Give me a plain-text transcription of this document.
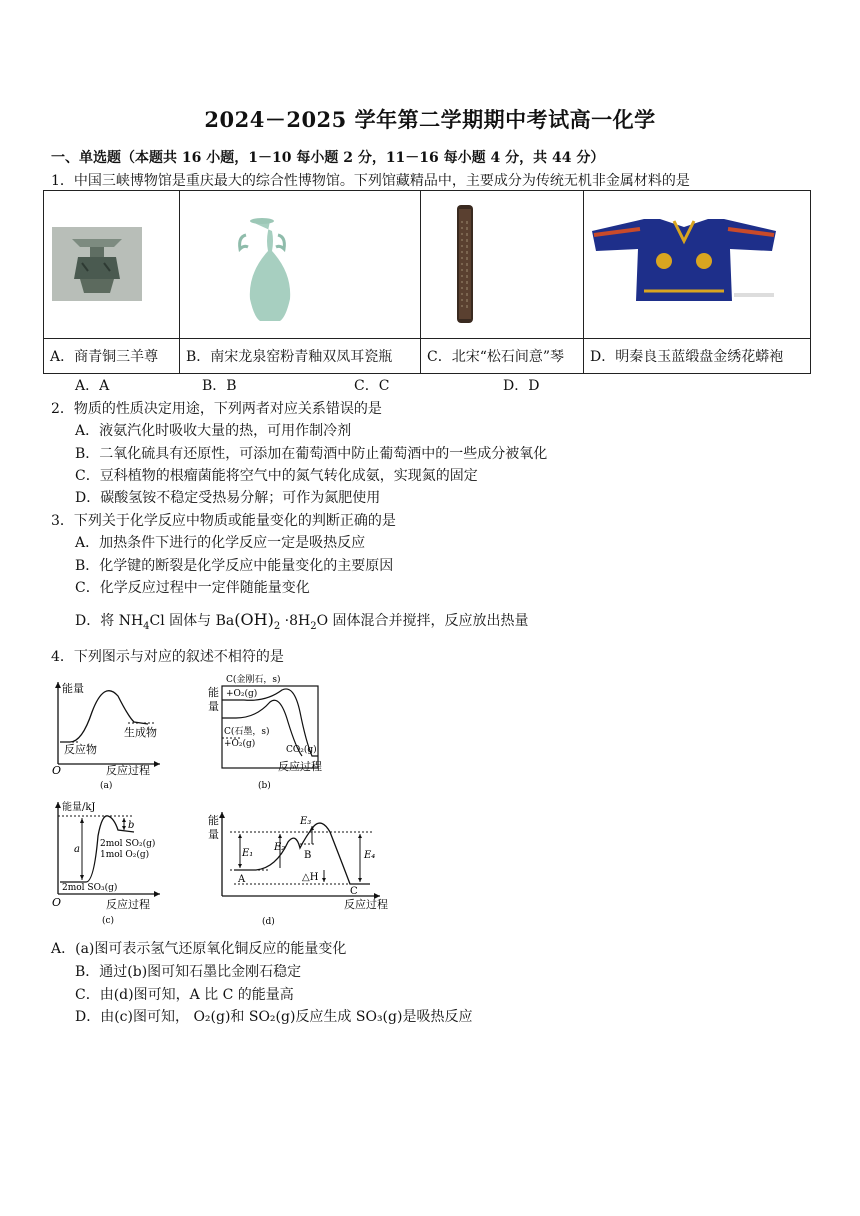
2024－2025 学年第二学期期中考试高一化学
一、单选题（本题共 16 小题，1－10 每小题 2 分，11－16 每小题 4 分，共 44 分）
1．中国三峡博物馆是重庆最大的综合性博物馆。下列馆藏精品中，主要成分为传统无机非金属材料的是

A．商青铜三羊尊	B．南宋龙泉窑粉青釉双凤耳瓷瓶	C．北宋“松石间意”琴	D．明秦良玉蓝缎盘金绣花蟒袍
A．A	B．B	C．C	D．D
2．物质的性质决定用途，下列两者对应关系错误的是
A．液氨汽化时吸收大量的热，可用作制冷剂
B．二氧化硫具有还原性，可添加在葡萄酒中防止葡萄酒中的一些成分被氧化
C．豆科植物的根瘤菌能将空气中的氮气转化成氨，实现氮的固定
D．碳酸氢铵不稳定受热易分解；可作为氮肥使用
3．下列关于化学反应中物质或能量变化的判断正确的是
A．加热条件下进行的化学反应一定是吸热反应
B．化学键的断裂是化学反应中能量变化的主要原因
C．化学反应过程中一定伴随能量变化
D．将 $NH_4Cl$ 固体与 $Ba(OH)_2 \cdot 8H_2O$ 固体混合并搅拌，反应放出热量
4．下列图示与对应的叙述不相符的是
能量
生成物
反应物
O	反应过程
(a)
能
量
C(金刚石，s)
+O₂(g)
C(石墨，s)
+O₂(g)
CO₂(g)
反应过程
(b)
能量/kJ
b
a 2mol SO₂(g)
1mol O₂(g)
2mol SO₃(g)
O	反应过程
(c)
能
量
E₁
E₂
E₃
E₄
A
B
C
△H
反应过程
(d)
A．(a)图可表示氢气还原氧化铜反应的能量变化
B．通过(b)图可知石墨比金刚石稳定
C．由(d)图可知，A 比 C 的能量高
D．由(c)图可知， O₂(g)和 SO₂(g)反应生成 SO₃(g)是吸热反应
